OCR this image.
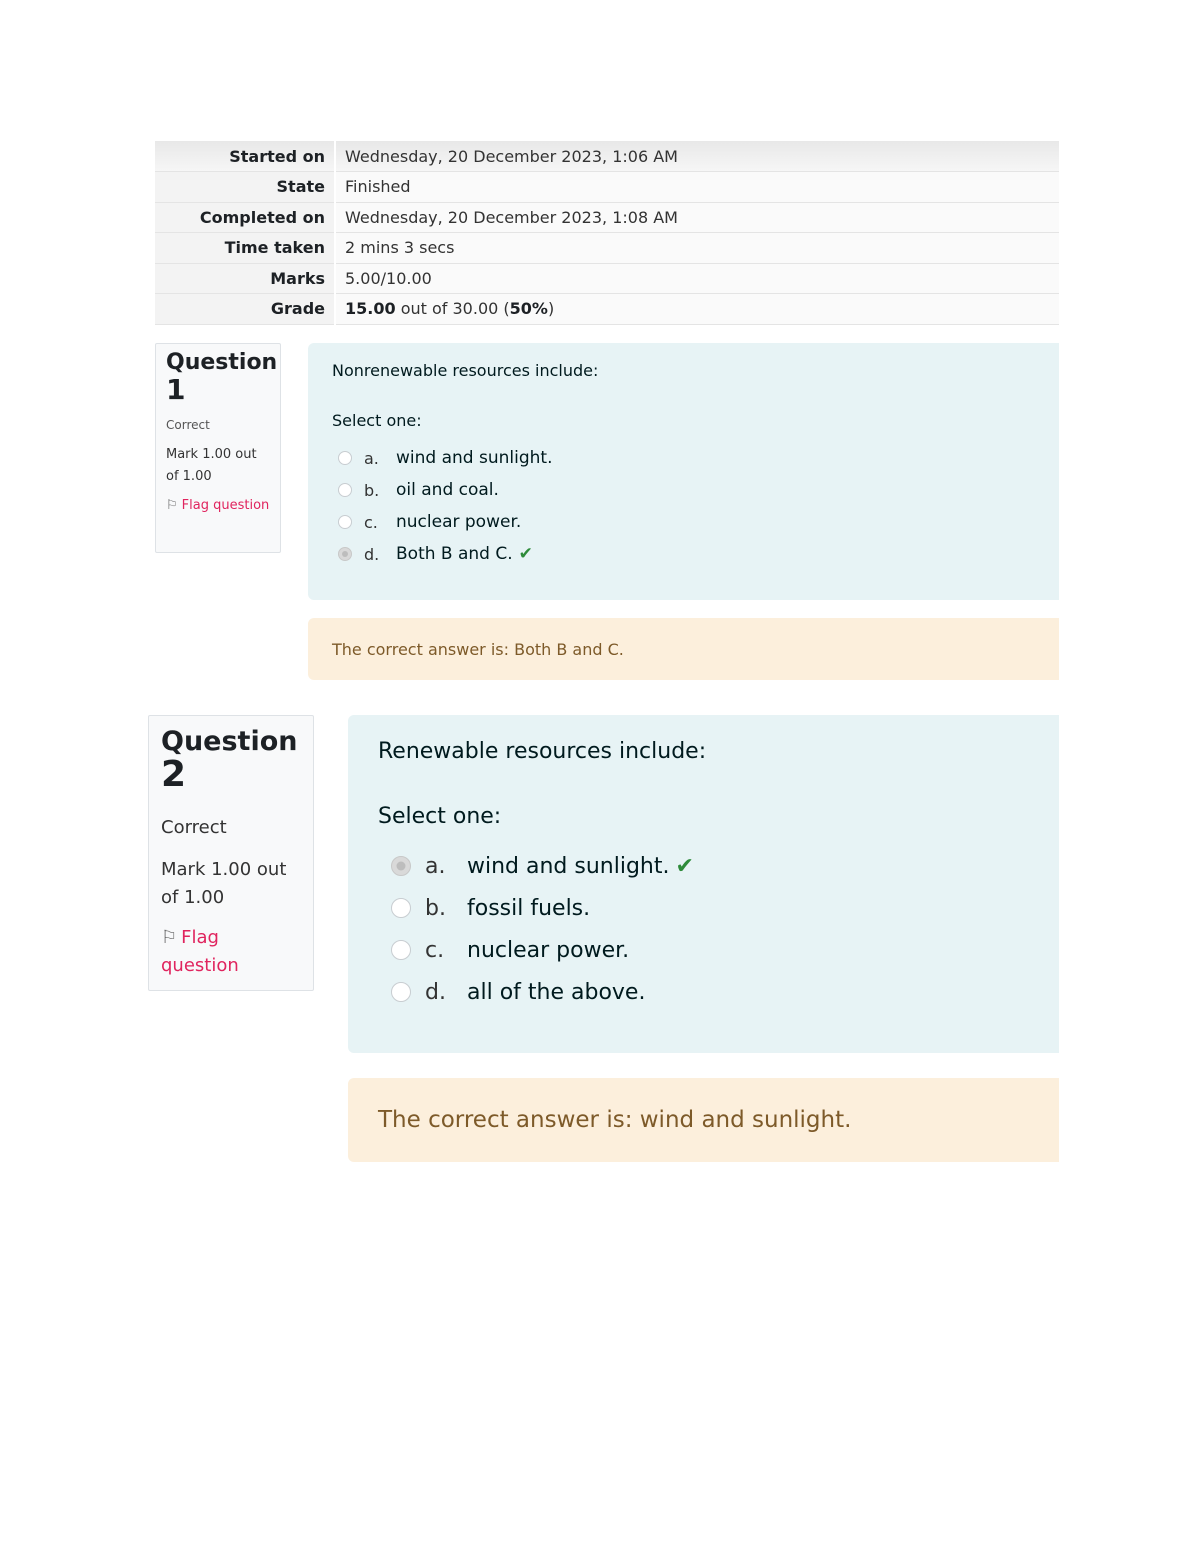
Started on	Wednesday, 20 December 2023, 1:06 AM
State	Finished
Completed on	Wednesday, 20 December 2023, 1:08 AM
Time taken	2 mins 3 secs
Marks	5.00/10.00
Grade	15.00 out of 30.00 (50%)
Question
1
Correct
Mark 1.00 out of 1.00
⚐ Flag question
Nonrenewable resources include:
Select one:
a.	wind and sunlight.
b. oil and coal.
c.	nuclear power.
d. Both B and C. ✔
The correct answer is: Both B and C.
Question
2
Correct
Mark 1.00 out of 1.00
⚐ Flag question
Renewable resources include:
Select one:
a. wind and sunlight. ✔
b. fossil fuels.
c.	nuclear power.
d. all of the above.
The correct answer is: wind and sunlight.
